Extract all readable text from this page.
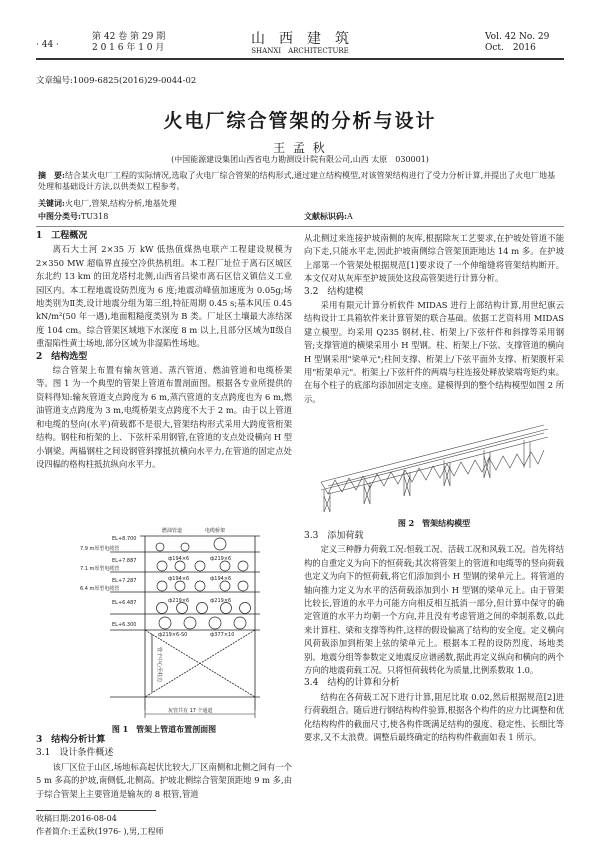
· 44 ·
第 42 卷 第 29 期
2 0 1 6 年 1 0 月
山　西　建　筑
SHANXI　ARCHITECTURE
Vol. 42 No. 29
Oct.　2016
文章编号:1009-6825(2016)29-0044-02
火电厂综合管架的分析与设计
王 孟 秋
(中国能源建设集团山西省电力勘测设计院有限公司,山西 太原　030001)
摘　要:结合某火电厂工程的实际情况,选取了火电厂综合管架的结构形式,通过建立结构模型,对该管架结构进行了受力分析计算,并提出了火电厂地基处理和基础设计方法,以供类似工程参考。
关键词:火电厂,管架,结构分析,地基处理
中图分类号:TU318	文献标识码:A

1　工程概况

离石大土河 2×35 万 kW 低热值煤热电联产工程建设规模为 2×350 MW 超临界直接空冷供热机组。本工程厂址位于离石区城区东北约 13 km 的田龙塔村北侧,山西省吕梁市离石区信义镇信义工业园区内。本工程地震设防烈度为 6 度;地震动峰值加速度为 0.05g;场地类别为Ⅱ类,设计地震分组为第三组,特征周期 0.45 s;基本风压 0.45 kN/m²(50 年一遇),地面粗糙度类别为 B 类。厂址区土壤最大冻结深度 104 cm。综合管架区域地下水深度 8 m 以上,且部分区域为Ⅱ级自重湿陷性黄土场地,部分区域为非湿陷性场地。

2　结构选型

综合管架上布置有输灰管道、蒸汽管道、燃油管道和电缆桥架等。图 1 为一个典型的管架上管道布置剖面图。根据各专业所提供的资料得知:输灰管道支点跨度为 6 m,蒸汽管道的支点跨度也为 6 m,燃油管道支点跨度为 3 m,电缆桥架支点跨度不大于 2 m。由于以上管道和电缆的竖向(水平)荷载都不是很大,管架结构形式采用大跨度管桁架结构。钢柱和桁架的上、下弦杆采用钢管,在管道的支点处设横向 H 型小钢梁。两榀钢柱之间设钢管斜撑抵抗横向水平力,在管道的固定点处设四榀的格构柱抵抗纵向水平力。

燃油管道	电缆桥架
EL+8.700
7.9 m厚型电缆管
EL+7.887
7.1 m厚型电缆管
EL+7.287
6.4 m厚型电缆管
EL+6.487
EL+6.300
ф194×6
ф194×6	ф194×6
ф219×6	ф219×6
ф219×6
ф219×6-S0	ф377×10
灰管共有 17 个通道
管子中心至柱边
图 1　管架上管道布置剖面图

3　结构分析计算

3.1　设计条件概述

该厂区位于山区,场地标高起伏比较大,厂区南侧和北侧之间有一个 5 m 多高的护坡,南侧低,北侧高。护坡北侧综合管架顶距地 9 m 多,由于综合管架上主要管道是输灰的 8 根管,管道

收稿日期:2016-08-04
作者简介:王孟秋(1976- ),男,工程师

从北侧过来连接护坡南侧的灰库,根据除灰工艺要求,在护坡处管道不能向下走,只能水平走,因此护坡南侧综合管架顶距地达 14 m 多。在护坡上部第一个管架处根据规范[1]要求设了一个伸缩缝将管架结构断开。本文仅对从灰库至护坡顶处这段高管架进行计算分析。

3.2　结构建模

采用有限元计算分析软件 MIDAS 进行上部结构计算,用世纪旗云结构设计工具箱软件来计算管架的联合基础。依据工艺资料用 MIDAS 建立模型。均采用 Q235 钢材,柱、桁架上/下弦杆件和斜撑等采用钢管;支撑管道的横梁采用小 H 型钢。柱、桁架上/下弦、支撑管道的横向 H 型钢采用"梁单元";柱间支撑、桁架上/下弦平面外支撑、桁架腹杆采用"桁架单元"。桁架上/下弦杆件的两端与柱连接处释放梁端弯矩约束。在每个柱子的底部均添加固定支座。建模得到的整个结构模型如图 2 所示。

图 2　管架结构模型

3.3　添加荷载

定义三种静力荷载工况:恒载工况、活载工况和风载工况。首先将结构的自重定义为向下的恒荷载;其次将管架上的管道和电缆等的竖向荷载也定义为向下的恒荷载,将它们添加到小 H 型钢的梁单元上。将管道的轴向推力定义为水平的活荷载添加到小 H 型钢的梁单元上。由于管架比较长,管道的水平力可能方向相反相互抵消一部分,但计算中保守的确定管道的水平力均朝一个方向,并且没有考虑管道之间的牵制系数,以此来计算柱、梁和支撑等构件,这样的假设偏离了结构的安全度。定义横向风荷载添加到桁架上弦的梁单元上。根据本工程的设防烈度、场地类别、地震分组等参数定义地震反应谱函数,据此再定义纵向和横向的两个方向的地震荷载工况。只将恒荷载转化为质量,比例系数取 1.0。

3.4　结构的计算和分析

结构在各荷载工况下进行计算,阻尼比取 0.02,然后根据规范[2]进行荷载组合。随后进行钢结构构件验算,根据各个构件的应力比调整和优化结构构件的截面尺寸,使各构件既满足结构的强度、稳定性、长细比等要求,又不太浪费。调整后最终确定的结构构件截面如表 1 所示。
